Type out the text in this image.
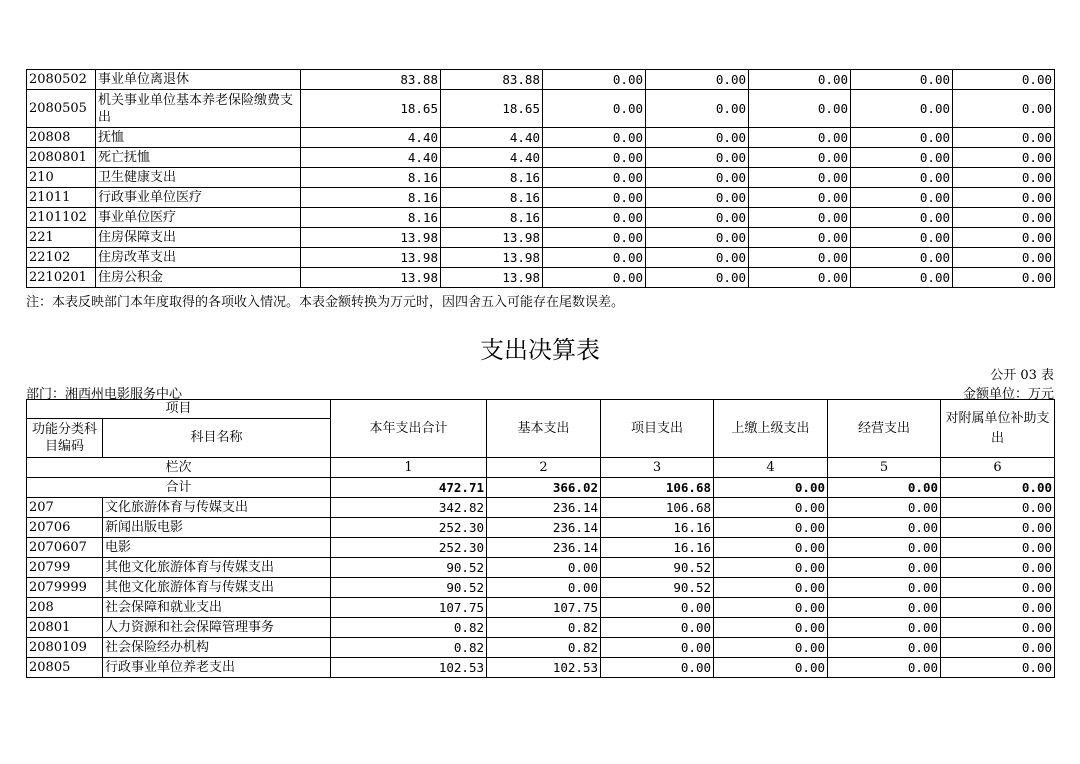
2080502	事业单位离退休	83.88	83.88	0.00	0.00	0.00	0.00	0.00
2080505	机关事业单位基本养老保险缴费支出	18.65	18.65	0.00	0.00	0.00	0.00	0.00
20808	抚恤	4.40	4.40	0.00	0.00	0.00	0.00	0.00
2080801	死亡抚恤	4.40	4.40	0.00	0.00	0.00	0.00	0.00
210	卫生健康支出	8.16	8.16	0.00	0.00	0.00	0.00	0.00
21011	行政事业单位医疗	8.16	8.16	0.00	0.00	0.00	0.00	0.00
2101102	事业单位医疗	8.16	8.16	0.00	0.00	0.00	0.00	0.00
221	住房保障支出	13.98	13.98	0.00	0.00	0.00	0.00	0.00
22102	住房改革支出	13.98	13.98	0.00	0.00	0.00	0.00	0.00
2210201	住房公积金	13.98	13.98	0.00	0.00	0.00	0.00	0.00
注：本表反映部门本年度取得的各项收入情况。本表金额转换为万元时，因四舍五入可能存在尾数误差。
支出决算表
公开 03 表
部门：湘西州电影服务中心	金额单位：万元
项目		本年支出合计	基本支出	项目支出	上缴上级支出	经营支出	对附属单位补助支出
功能分类科目编码	科目名称						
栏次		1	2	3	4	5	6
合计		472.71	366.02	106.68	0.00	0.00	0.00
207	文化旅游体育与传媒支出	342.82	236.14	106.68	0.00	0.00	0.00
20706	新闻出版电影	252.30	236.14	16.16	0.00	0.00	0.00
2070607	电影	252.30	236.14	16.16	0.00	0.00	0.00
20799	其他文化旅游体育与传媒支出	90.52	0.00	90.52	0.00	0.00	0.00
2079999	其他文化旅游体育与传媒支出	90.52	0.00	90.52	0.00	0.00	0.00
208	社会保障和就业支出	107.75	107.75	0.00	0.00	0.00	0.00
20801	人力资源和社会保障管理事务	0.82	0.82	0.00	0.00	0.00	0.00
2080109	社会保险经办机构	0.82	0.82	0.00	0.00	0.00	0.00
20805	行政事业单位养老支出	102.53	102.53	0.00	0.00	0.00	0.00
